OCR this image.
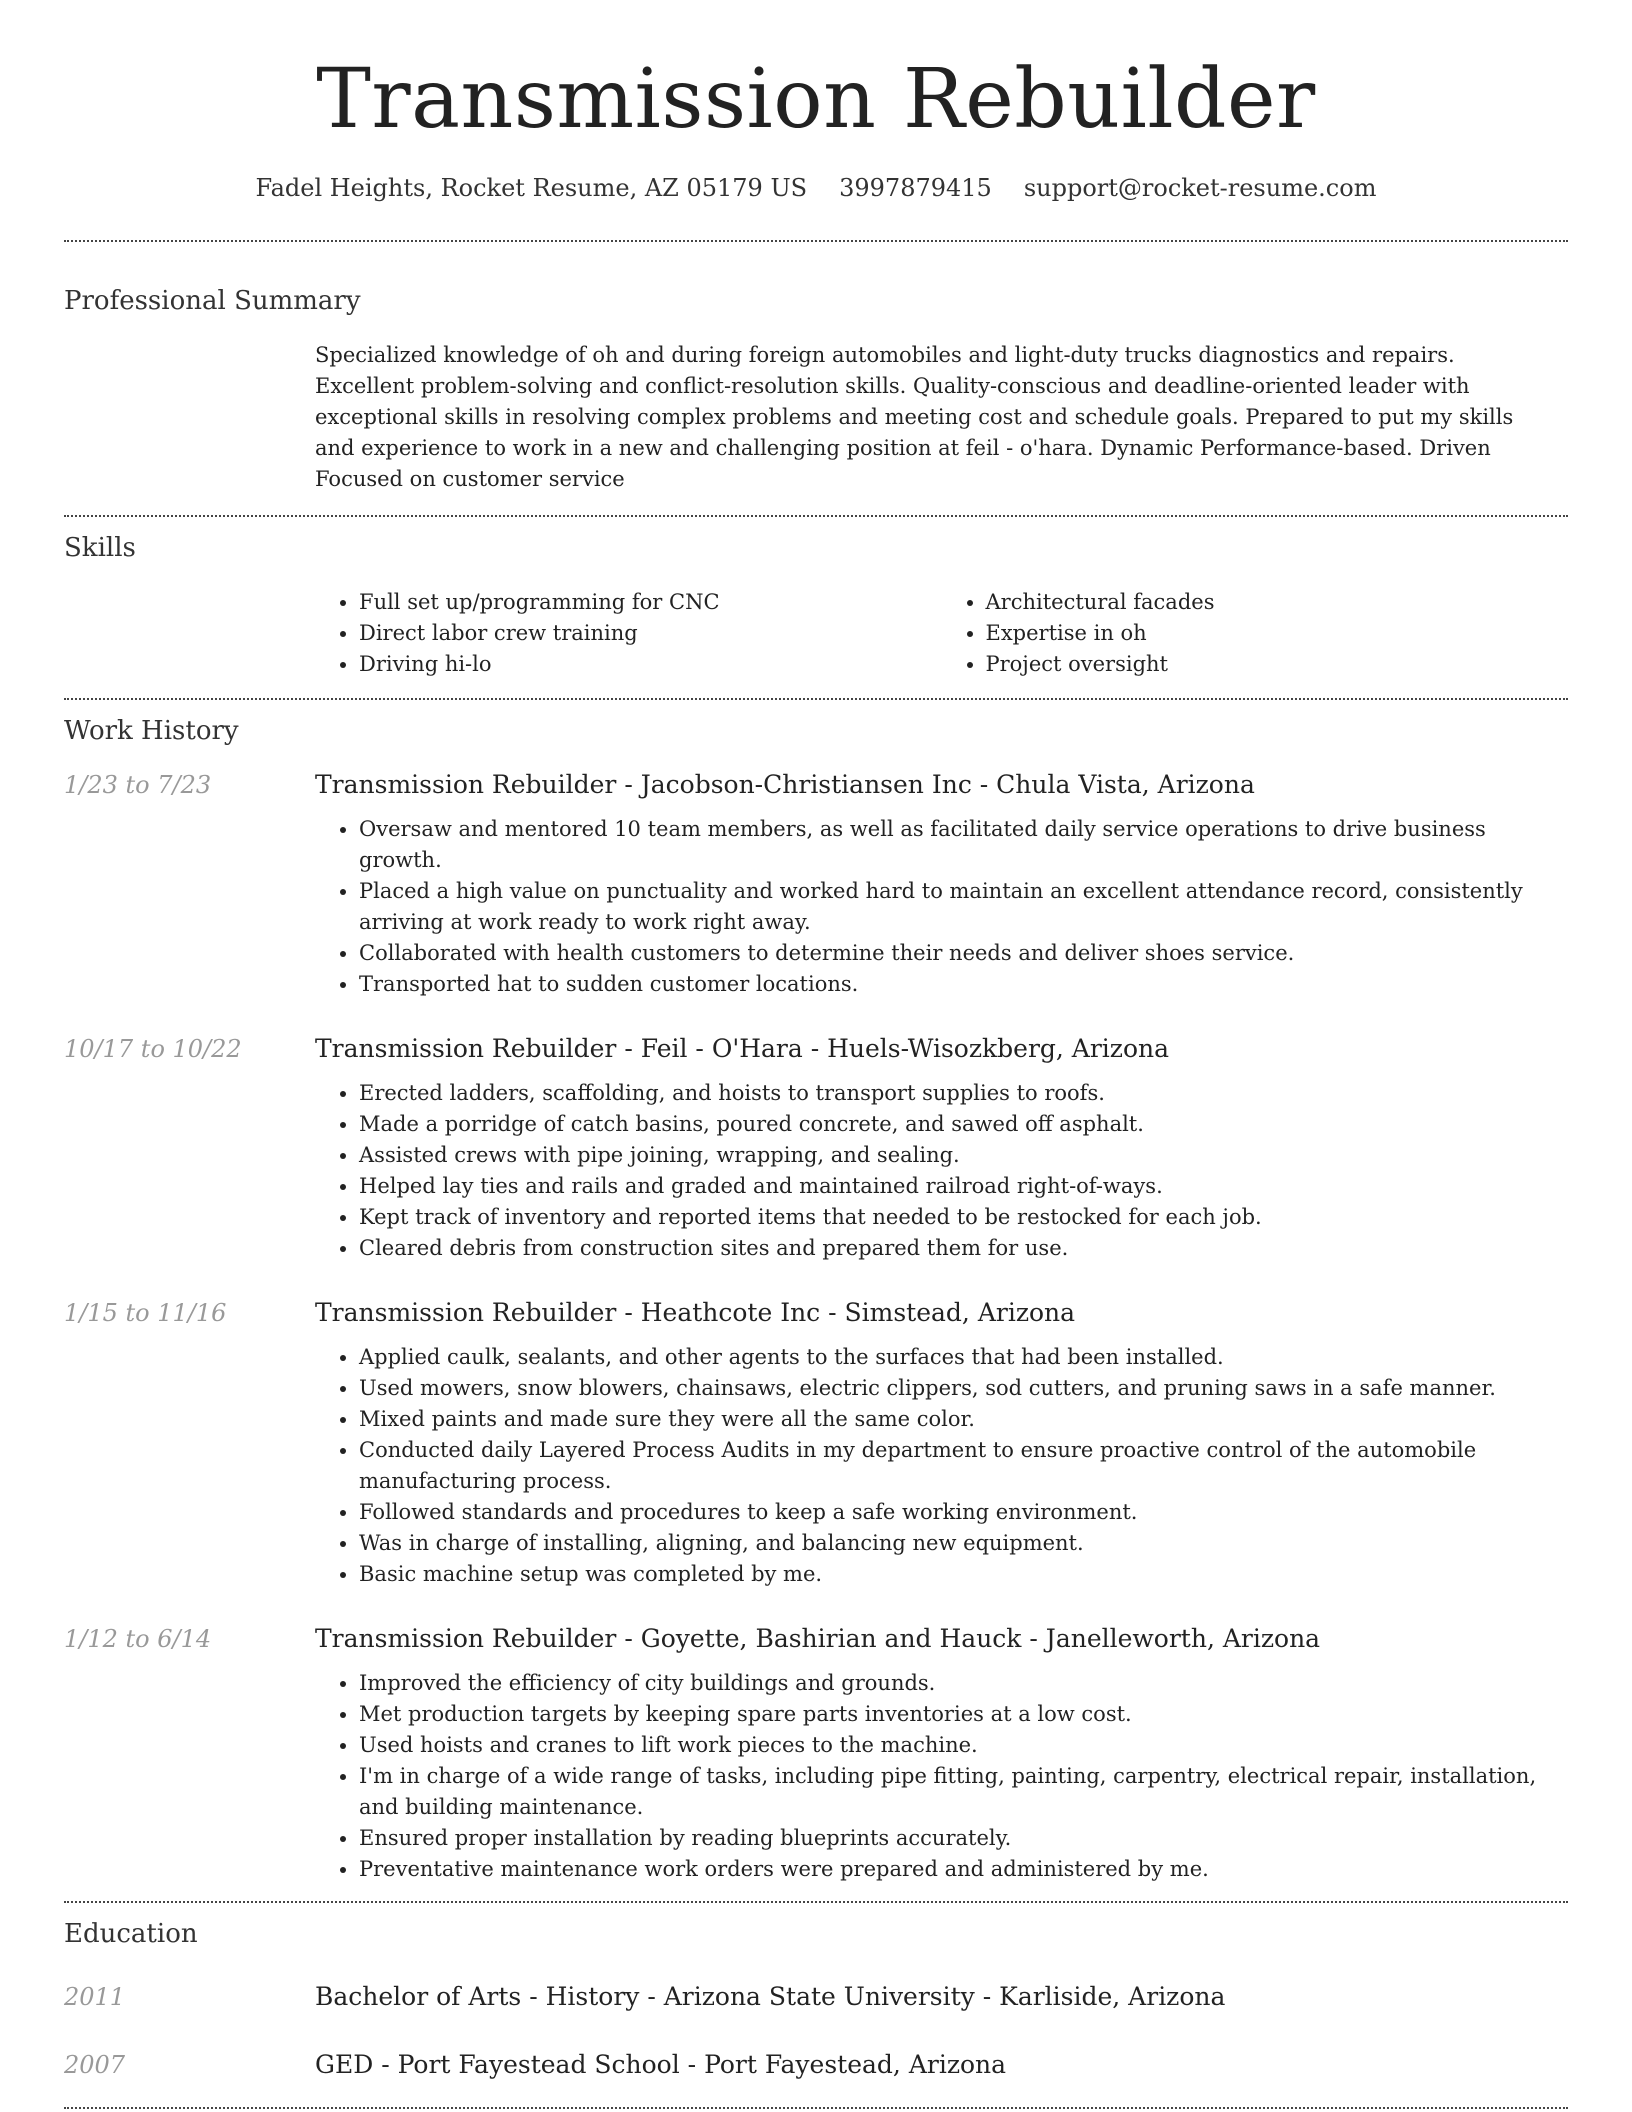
Transmission Rebuilder
Fadel Heights, Rocket Resume, AZ 05179 US 3997879415 support@rocket-resume.com
Professional Summary
Specialized knowledge of oh and during foreign automobiles and light-duty trucks diagnostics and repairs. Excellent problem-solving and conflict-resolution skills. Quality-conscious and deadline-oriented leader with exceptional skills in resolving complex problems and meeting cost and schedule goals. Prepared to put my skills and experience to work in a new and challenging position at feil - o'hara. Dynamic Performance-based. Driven Focused on customer service
Skills
• Full set up/programming for CNC
• Direct labor crew training
• Driving hi-lo
• Architectural facades
• Expertise in oh
• Project oversight
Work History
1/23 to 7/23	Transmission Rebuilder - Jacobson-Christiansen Inc - Chula Vista, Arizona
• Oversaw and mentored 10 team members, as well as facilitated daily service operations to drive business growth.
• Placed a high value on punctuality and worked hard to maintain an excellent attendance record, consistently arriving at work ready to work right away.
• Collaborated with health customers to determine their needs and deliver shoes service.
• Transported hat to sudden customer locations.
10/17 to 10/22	Transmission Rebuilder - Feil - O'Hara - Huels-Wisozkberg, Arizona
• Erected ladders, scaffolding, and hoists to transport supplies to roofs.
• Made a porridge of catch basins, poured concrete, and sawed off asphalt.
• Assisted crews with pipe joining, wrapping, and sealing.
• Helped lay ties and rails and graded and maintained railroad right-of-ways.
• Kept track of inventory and reported items that needed to be restocked for each job.
• Cleared debris from construction sites and prepared them for use.
1/15 to 11/16	Transmission Rebuilder - Heathcote Inc - Simstead, Arizona
• Applied caulk, sealants, and other agents to the surfaces that had been installed.
• Used mowers, snow blowers, chainsaws, electric clippers, sod cutters, and pruning saws in a safe manner.
• Mixed paints and made sure they were all the same color.
• Conducted daily Layered Process Audits in my department to ensure proactive control of the automobile manufacturing process.
• Followed standards and procedures to keep a safe working environment.
• Was in charge of installing, aligning, and balancing new equipment.
• Basic machine setup was completed by me.
1/12 to 6/14	Transmission Rebuilder - Goyette, Bashirian and Hauck - Janelleworth, Arizona
• Improved the efficiency of city buildings and grounds.
• Met production targets by keeping spare parts inventories at a low cost.
• Used hoists and cranes to lift work pieces to the machine.
• I'm in charge of a wide range of tasks, including pipe fitting, painting, carpentry, electrical repair, installation, and building maintenance.
• Ensured proper installation by reading blueprints accurately.
• Preventative maintenance work orders were prepared and administered by me.
Education
2011	Bachelor of Arts - History - Arizona State University - Karliside, Arizona
2007	GED - Port Fayestead School - Port Fayestead, Arizona
